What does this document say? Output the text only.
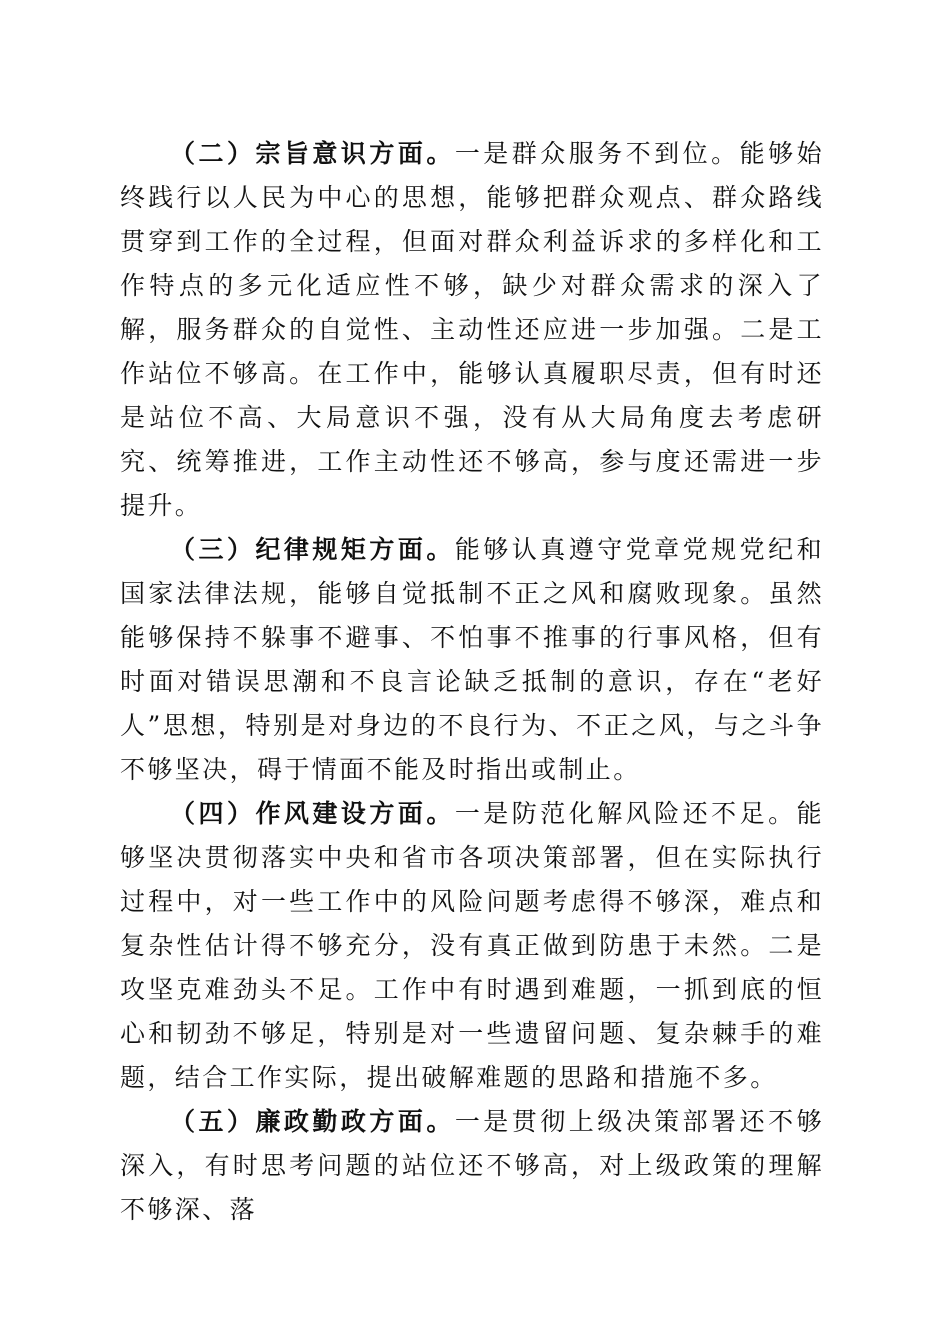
（二）宗旨意识方面。一是群众服务不到位。能够始终践行以人民为中心的思想，能够把群众观点、群众路线贯穿到工作的全过程，但面对群众利益诉求的多样化和工作特点的多元化适应性不够，缺少对群众需求的深入了解，服务群众的自觉性、主动性还应进一步加强。二是工作站位不够高。在工作中，能够认真履职尽责，但有时还是站位不高、大局意识不强，没有从大局角度去考虑研究、统筹推进，工作主动性还不够高，参与度还需进一步提升。

（三）纪律规矩方面。能够认真遵守党章党规党纪和国家法律法规，能够自觉抵制不正之风和腐败现象。虽然能够保持不躲事不避事、不怕事不推事的行事风格，但有时面对错误思潮和不良言论缺乏抵制的意识，存在“老好人”思想，特别是对身边的不良行为、不正之风，与之斗争不够坚决，碍于情面不能及时指出或制止。

（四）作风建设方面。一是防范化解风险还不足。能够坚决贯彻落实中央和省市各项决策部署，但在实际执行过程中，对一些工作中的风险问题考虑得不够深，难点和复杂性估计得不够充分，没有真正做到防患于未然。二是攻坚克难劲头不足。工作中有时遇到难题，一抓到底的恒心和韧劲不够足，特别是对一些遗留问题、复杂棘手的难题，结合工作实际，提出破解难题的思路和措施不多。

（五）廉政勤政方面。一是贯彻上级决策部署还不够深入，有时思考问题的站位还不够高，对上级政策的理解不够深、落
